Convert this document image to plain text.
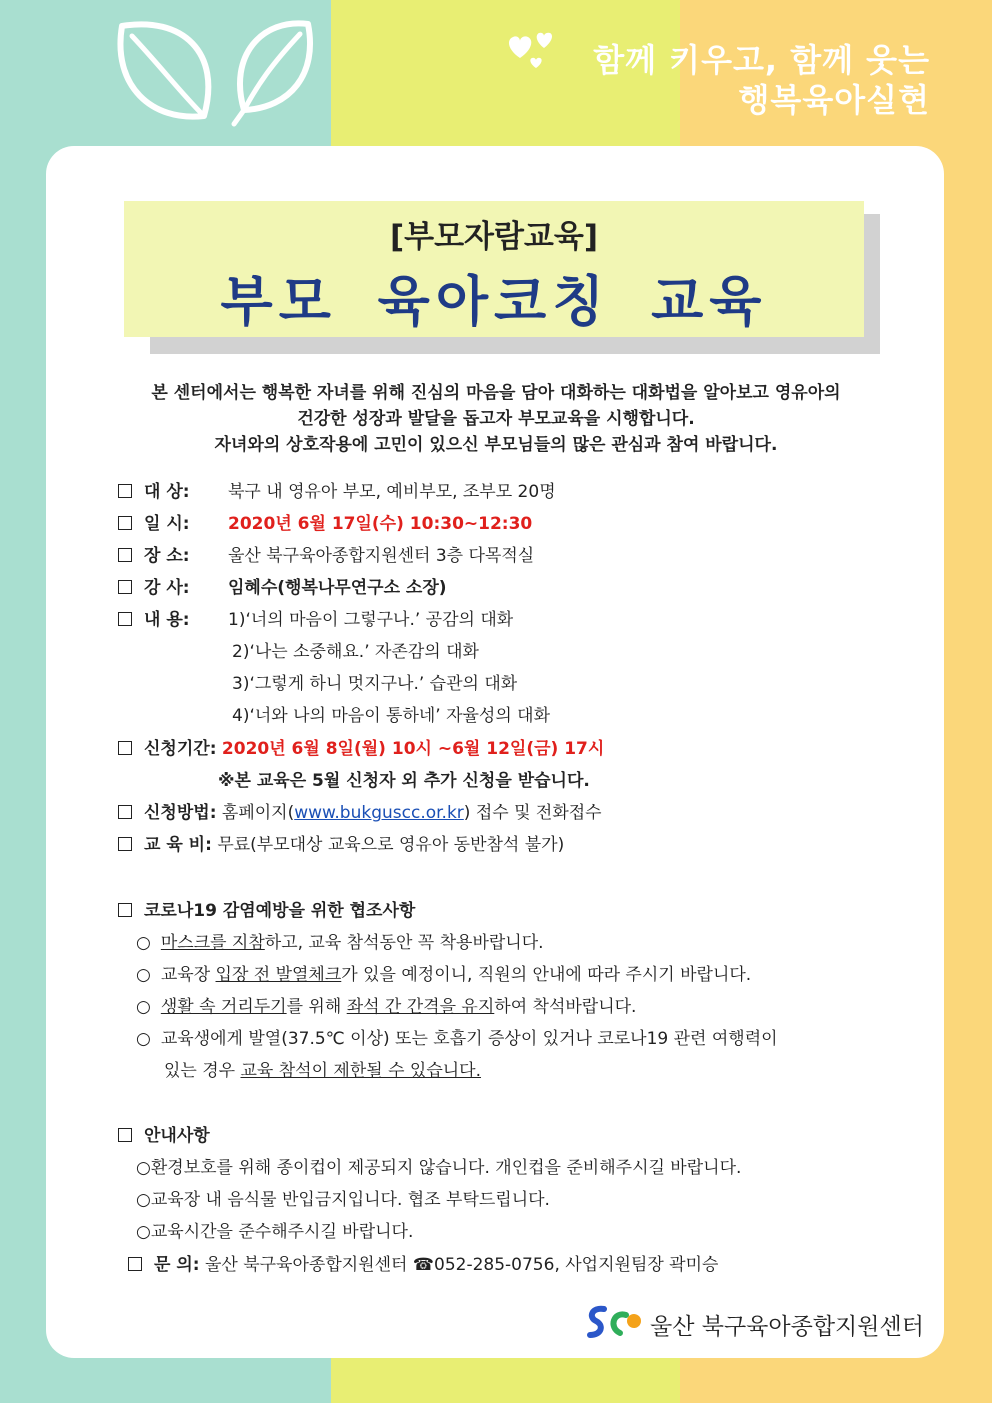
함께 키우고, 함께 웃는
행복육아실현
[부모자람교육]
부모 육아코칭 교육
본 센터에서는 행복한 자녀를 위해 진심의 마음을 담아 대화하는 대화법을 알아보고 영유아의
건강한 성장과 발달을 돕고자 부모교육을 시행합니다.
자녀와의 상호작용에 고민이 있으신 부모님들의 많은 관심과 참여 바랍니다.
대 상: 북구 내 영유아 부모, 예비부모, 조부모 20명
일 시: 2020년 6월 17일(수) 10:30~12:30
장 소: 울산 북구육아종합지원센터 3층 다목적실
강 사: 임혜수(행복나무연구소 소장)
내 용: 1)‘너의 마음이 그렇구나.’ 공감의 대화
2)‘나는 소중해요.’ 자존감의 대화
3)‘그렇게 하니 멋지구나.’ 습관의 대화
4)‘너와 나의 마음이 통하네’ 자율성의 대화
신청기간: 2020년 6월 8일(월) 10시 ~6월 12일(금) 17시
※본 교육은 5월 신청자 외 추가 신청을 받습니다.
신청방법: 홈페이지(www.bukguscc.or.kr) 접수 및 전화접수
교 육 비: 무료(부모대상 교육으로 영유아 동반참석 불가)
코로나19 감염예방을 위한 협조사항
○ 마스크를 지참하고, 교육 참석동안 꼭 착용바랍니다.
○ 교육장 입장 전 발열체크가 있을 예정이니, 직원의 안내에 따라 주시기 바랍니다.
○ 생활 속 거리두기를 위해 좌석 간 간격을 유지하여 착석바랍니다.
○ 교육생에게 발열(37.5℃ 이상) 또는 호흡기 증상이 있거나 코로나19 관련 여행력이
있는 경우 교육 참석이 제한될 수 있습니다.
안내사항
○환경보호를 위해 종이컵이 제공되지 않습니다. 개인컵을 준비해주시길 바랍니다.
○교육장 내 음식물 반입금지입니다. 협조 부탁드립니다.
○교육시간을 준수해주시길 바랍니다.
문 의: 울산 북구육아종합지원센터 ☎052-285-0756, 사업지원팀장 곽미승
울산 북구육아종합지원센터
